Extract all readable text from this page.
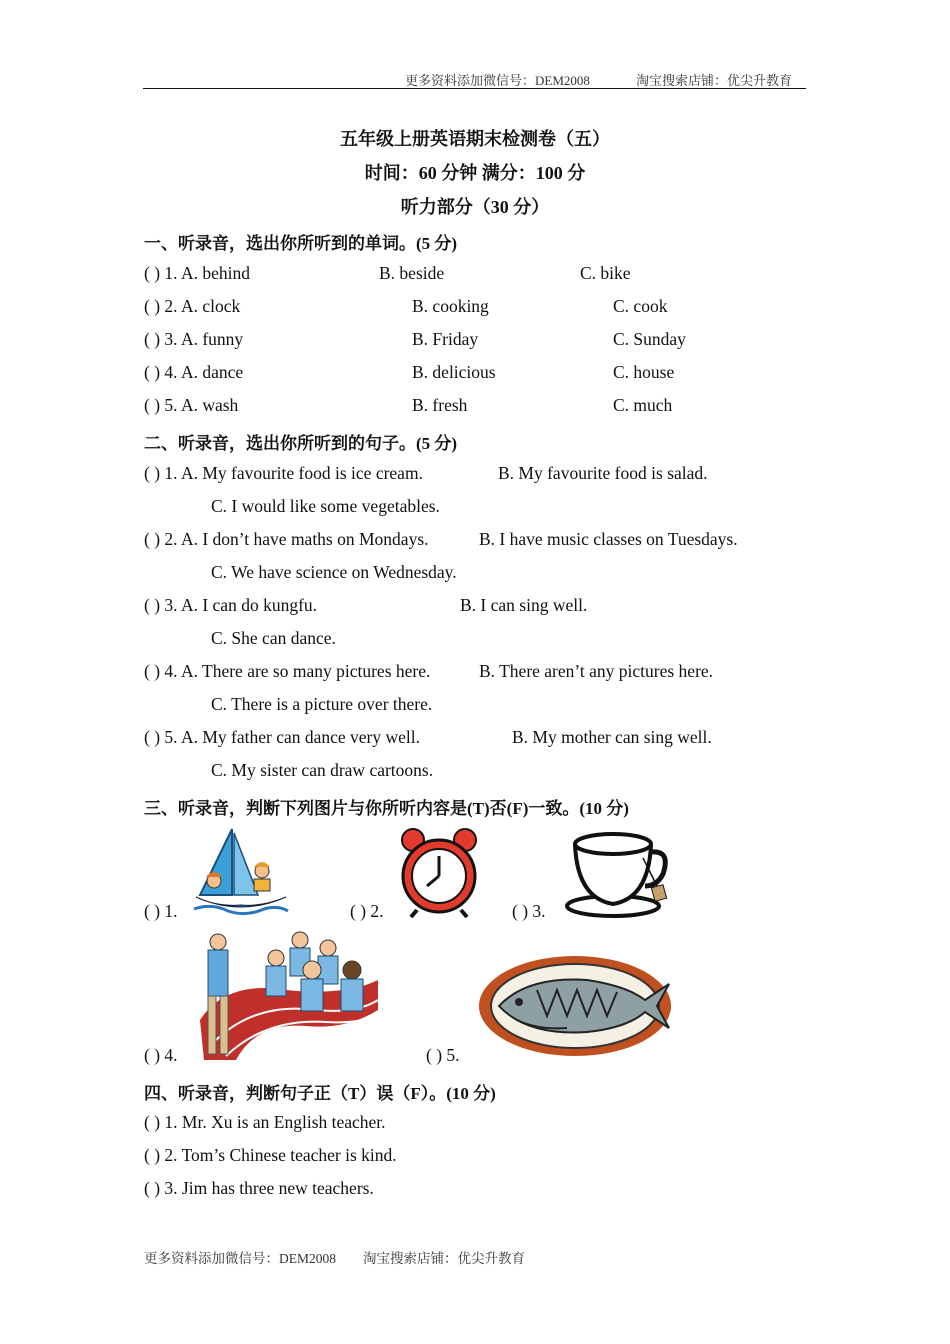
更多资料添加微信号：DEM2008	淘宝搜索店铺：优尖升教育
五年级上册英语期末检测卷（五）
时间：60 分钟 满分：100 分
听力部分（30 分）
一、听录音，选出你所听到的单词。(5 分)
( ) 1. A. behind	B. beside	C. bike
( ) 2. A. clock	B. cooking	C. cook
( ) 3. A. funny	B. Friday	C. Sunday
( ) 4. A. dance	B. delicious	C. house
( ) 5. A. wash	B. fresh	C. much
二、听录音，选出你所听到的句子。(5 分)
( ) 1. A. My favourite food is ice cream.	B. My favourite food is salad.
C. I would like some vegetables.
( ) 2. A. I don’t have maths on Mondays.	B. I have music classes on Tuesdays.
C. We have science on Wednesday.
( ) 3. A. I can do kungfu.	B. I can sing well.
C. She can dance.
( ) 4. A. There are so many pictures here.	B. There aren’t any pictures here.
C. There is a picture over there.
( ) 5. A. My father can dance very well.	B. My mother can sing well.
C. My sister can draw cartoons.
三、听录音，判断下列图片与你所听内容是(T)否(F)一致。(10 分)
( ) 1.	( ) 2.	( ) 3.
( ) 4.	( ) 5.
四、听录音，判断句子正（T）误（F）。(10 分)
( ) 1. Mr. Xu is an English teacher.
( ) 2. Tom’s Chinese teacher is kind.
( ) 3. Jim has three new teachers.
更多资料添加微信号：DEM2008 淘宝搜索店铺：优尖升教育
